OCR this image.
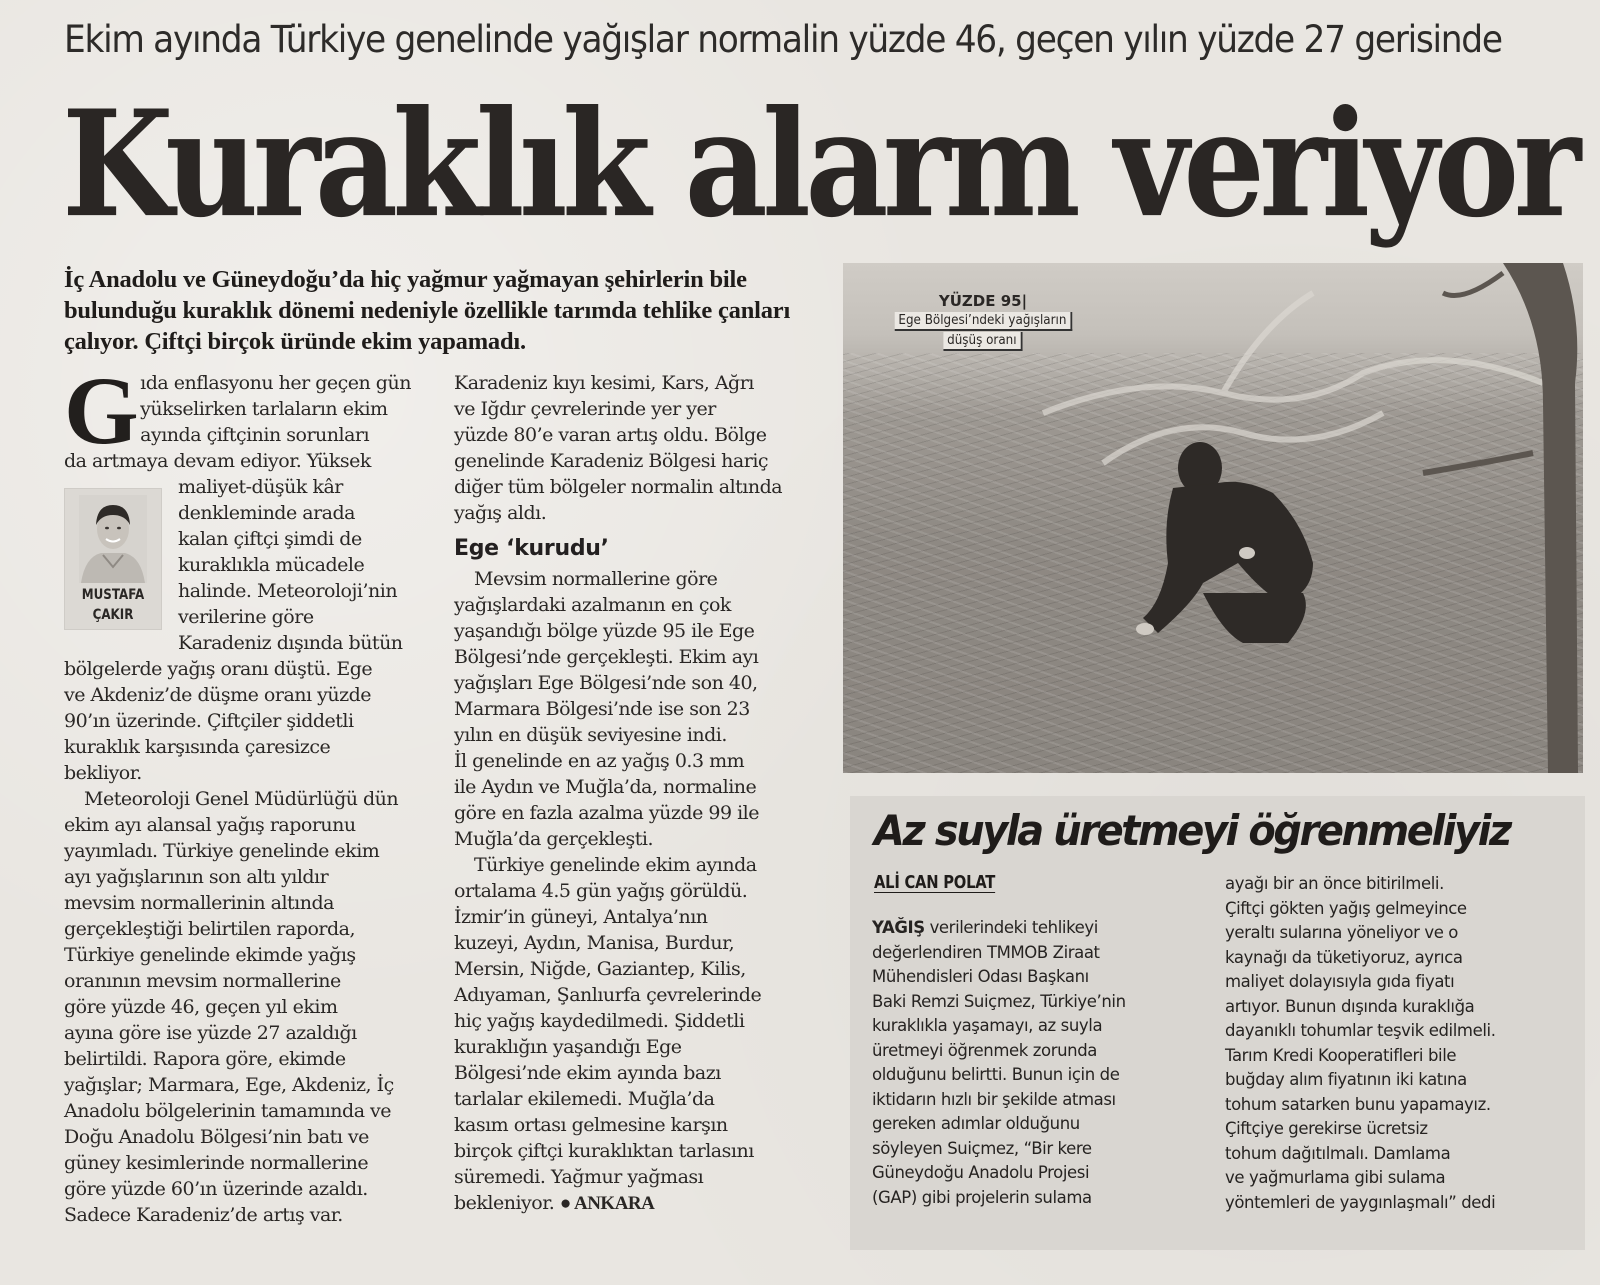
Ekim ayında Türkiye genelinde yağışlar normalin yüzde 46, geçen yılın yüzde 27 gerisinde
Kuraklık alarm veriyor
İç Anadolu ve Güneydoğu’da hiç yağmur yağmayan şehirlerin bile bulunduğu kuraklık dönemi nedeniyle özellikle tarımda tehlike çanları çalıyor. Çiftçi birçok üründe ekim yapamadı.
G ıda enflasyonu her geçen gün

yükselirken tarlaların ekim

ayında çiftçinin sorunları

da artmaya devam ediyor. Yüksek

maliyet-düşük kâr

denkleminde arada

kalan çiftçi şimdi de

kuraklıkla mücadele

halinde. Meteoroloji’nin

verilerine göre

Karadeniz dışında bütün

bölgelerde yağış oranı düştü. Ege

ve Akdeniz’de düşme oranı yüzde

90’ın üzerinde. Çiftçiler şiddetli

kuraklık karşısında çaresizce

bekliyor.

Meteoroloji Genel Müdürlüğü dün

ekim ayı alansal yağış raporunu

yayımladı. Türkiye genelinde ekim

ayı yağışlarının son altı yıldır

mevsim normallerinin altında

gerçekleştiği belirtilen raporda,

Türkiye genelinde ekimde yağış

oranının mevsim normallerine

göre yüzde 46, geçen yıl ekim

ayına göre ise yüzde 27 azaldığı

belirtildi. Rapora göre, ekimde

yağışlar; Marmara, Ege, Akdeniz, İç

Anadolu bölgelerinin tamamında ve

Doğu Anadolu Bölgesi’nin batı ve

güney kesimlerinde normallerine

göre yüzde 60’ın üzerinde azaldı.

Sadece Karadeniz’de artış var.

MUSTAFA
ÇAKIR

Karadeniz kıyı kesimi, Kars, Ağrı

ve Iğdır çevrelerinde yer yer

yüzde 80’e varan artış oldu. Bölge

genelinde Karadeniz Bölgesi hariç

diğer tüm bölgeler normalin altında

yağış aldı.

Ege ‘kurudu’

Mevsim normallerine göre

yağışlardaki azalmanın en çok

yaşandığı bölge yüzde 95 ile Ege

Bölgesi’nde gerçekleşti. Ekim ayı

yağışları Ege Bölgesi’nde son 40,

Marmara Bölgesi’nde ise son 23

yılın en düşük seviyesine indi.

İl genelinde en az yağış 0.3 mm

ile Aydın ve Muğla’da, normaline

göre en fazla azalma yüzde 99 ile

Muğla’da gerçekleşti.

Türkiye genelinde ekim ayında

ortalama 4.5 gün yağış görüldü.

İzmir’in güneyi, Antalya’nın

kuzeyi, Aydın, Manisa, Burdur,

Mersin, Niğde, Gaziantep, Kilis,

Adıyaman, Şanlıurfa çevrelerinde

hiç yağış kaydedilmedi. Şiddetli

kuraklığın yaşandığı Ege

Bölgesi’nde ekim ayında bazı

tarlalar ekilemedi. Muğla’da

kasım ortası gelmesine karşın

birçok çiftçi kuraklıktan tarlasını

süremedi. Yağmur yağması

bekleniyor. ● ANKARA

YÜZDE 95|
Ege Bölgesi’ndeki yağışların
düşüş oranı
Az suyla üretmeyi öğrenmeliyiz
ALİ CAN POLAT

YAĞIŞ verilerindeki tehlikeyi

değerlendiren TMMOB Ziraat

Mühendisleri Odası Başkanı

Baki Remzi Suiçmez, Türkiye’nin

kuraklıkla yaşamayı, az suyla

üretmeyi öğrenmek zorunda

olduğunu belirtti. Bunun için de

iktidarın hızlı bir şekilde atması

gereken adımlar olduğunu

söyleyen Suiçmez, “Bir kere

Güneydoğu Anadolu Projesi

(GAP) gibi projelerin sulama

ayağı bir an önce bitirilmeli.

Çiftçi gökten yağış gelmeyince

yeraltı sularına yöneliyor ve o

kaynağı da tüketiyoruz, ayrıca

maliyet dolayısıyla gıda fiyatı

artıyor. Bunun dışında kuraklığa

dayanıklı tohumlar teşvik edilmeli.

Tarım Kredi Kooperatifleri bile

buğday alım fiyatının iki katına

tohum satarken bunu yapamayız.

Çiftçiye gerekirse ücretsiz

tohum dağıtılmalı. Damlama

ve yağmurlama gibi sulama

yöntemleri de yaygınlaşmalı” dedi
